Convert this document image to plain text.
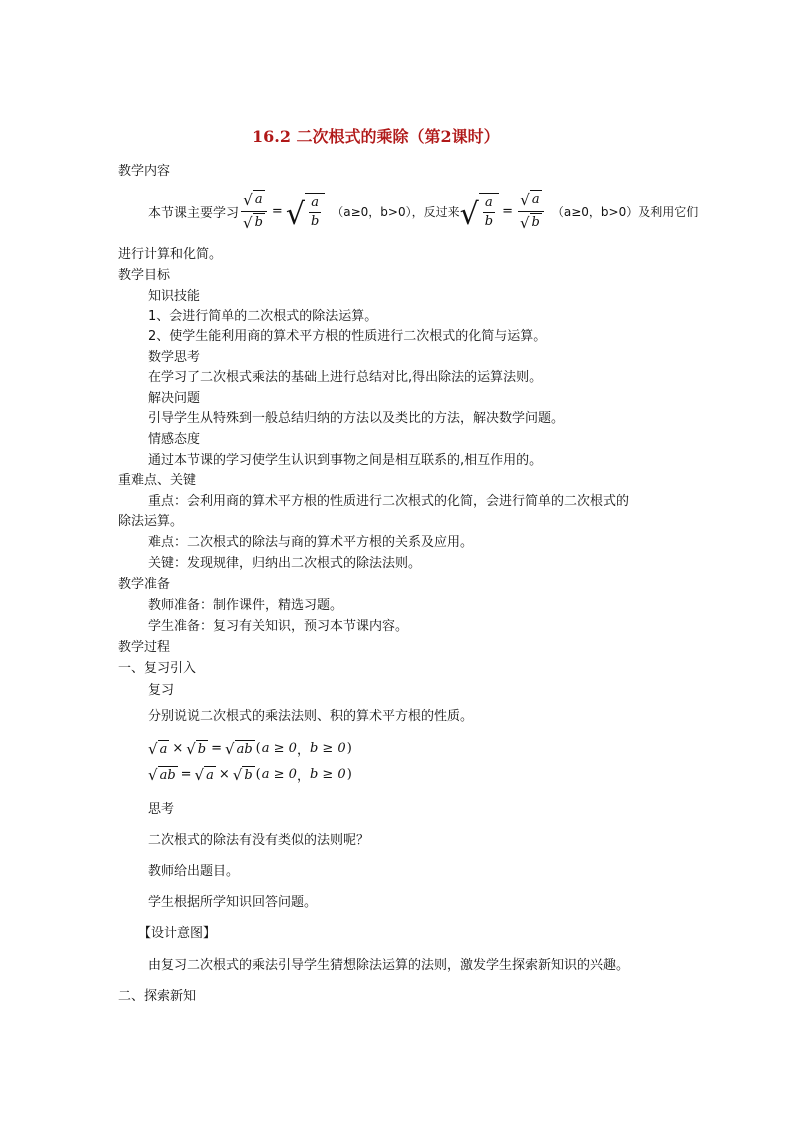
16.2 二次根式的乘除（第2课时）
教学内容
本节课主要学习 $\frac{√ a}{√ b}$ = √ $\frac{a}{b} (a\ge 0$，b>0），反过来 √ $\frac{a}{b} = \frac{√ a}{√ b} (a\ge 0$，b>0）及利用它们
进行计算和化简。
教学目标
知识技能
1、会进行简单的二次根式的除法运算。
2、使学生能利用商的算术平方根的性质进行二次根式的化简与运算。
数学思考
在学习了二次根式乘法的基础上进行总结对比,得出除法的运算法则。
解决问题
引导学生从特殊到一般总结归纳的方法以及类比的方法，解决数学问题。
情感态度
通过本节课的学习使学生认识到事物之间是相互联系的,相互作用的。
重难点、关键
重点：会利用商的算术平方根的性质进行二次根式的化简，会进行简单的二次根式的
除法运算。
难点：二次根式的除法与商的算术平方根的关系及应用。
关键：发现规律，归纳出二次根式的除法法则。
教学准备
教师准备：制作课件，精选习题。
学生准备：复习有关知识，预习本节课内容。
教学过程
一、复习引入
复习
分别说说二次根式的乘法法则、积的算术平方根的性质。
√ a × √ b = √ ab ( a ≥ 0 ， b ≥ 0 )
√ ab = √ a × √ b ( a ≥ 0 ， b ≥ 0 )
思考
二次根式的除法有没有类似的法则呢？
教师给出题目。
学生根据所学知识回答问题。
【设计意图】
由复习二次根式的乘法引导学生猜想除法运算的法则，激发学生探索新知识的兴趣。
二、探索新知
